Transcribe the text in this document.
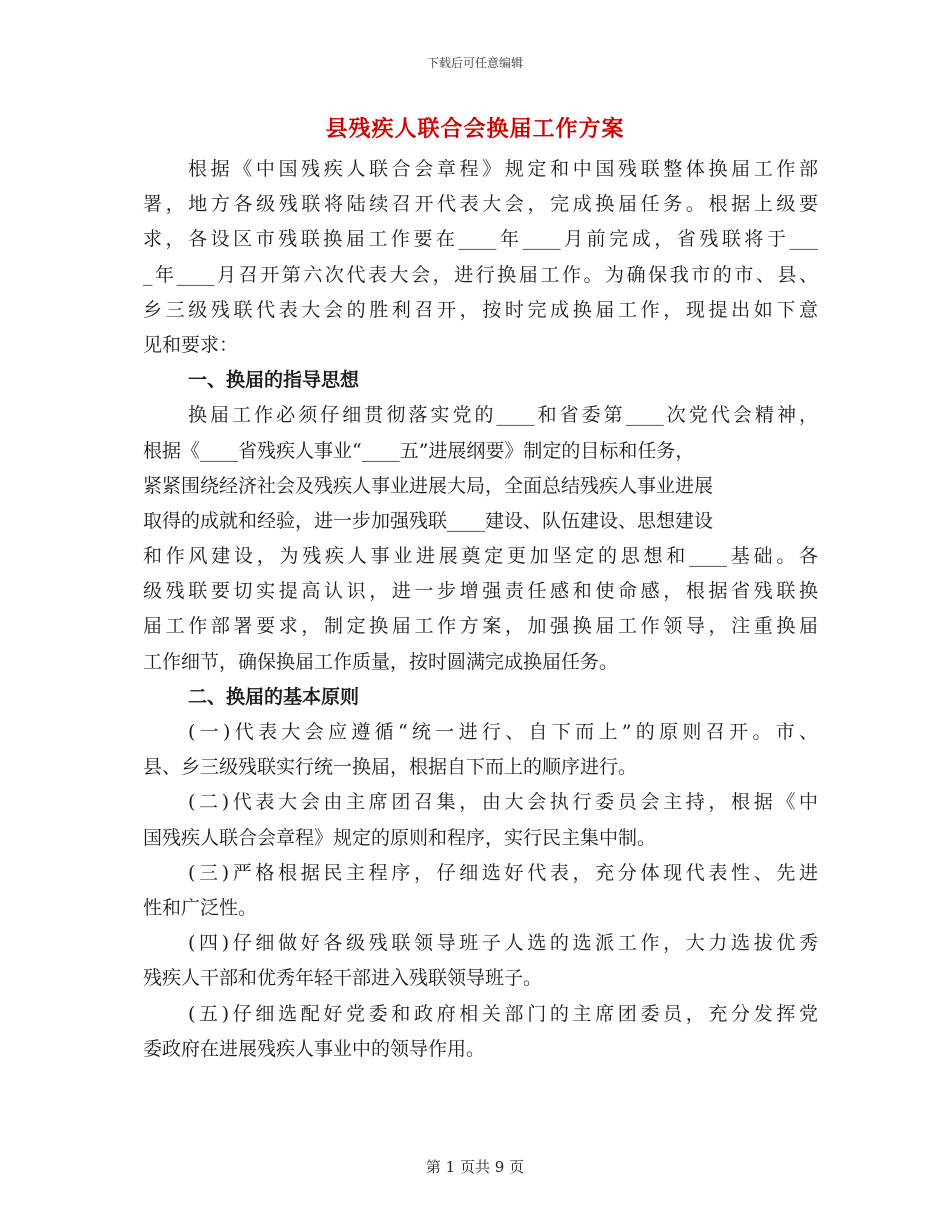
下载后可任意编辑
县残疾人联合会换届工作方案
根据《中国残疾人联合会章程》规定和中国残联整体换届工作部
署，地方各级残联将陆续召开代表大会，完成换届任务。根据上级要
求，各设区市残联换届工作要在____年____月前完成，省残联将于___
_年____月召开第六次代表大会，进行换届工作。为确保我市的市、县、
乡三级残联代表大会的胜利召开，按时完成换届工作，现提出如下意
见和要求：
一、换届的指导思想
换届工作必须仔细贯彻落实党的____和省委第____次党代会精神，
根据《____省残疾人事业“____五”进展纲要》制定的目标和任务，
紧紧围绕经济社会及残疾人事业进展大局，全面总结残疾人事业进展
取得的成就和经验，进一步加强残联____建设、队伍建设、思想建设
和作风建设，为残疾人事业进展奠定更加坚定的思想和____基础。各
级残联要切实提高认识，进一步增强责任感和使命感，根据省残联换
届工作部署要求，制定换届工作方案，加强换届工作领导，注重换届
工作细节，确保换届工作质量，按时圆满完成换届任务。
二、换届的基本原则
(一)代表大会应遵循“统一进行、自下而上”的原则召开。市、
县、乡三级残联实行统一换届，根据自下而上的顺序进行。
(二)代表大会由主席团召集，由大会执行委员会主持，根据《中
国残疾人联合会章程》规定的原则和程序，实行民主集中制。
(三)严格根据民主程序，仔细选好代表，充分体现代表性、先进
性和广泛性。
(四)仔细做好各级残联领导班子人选的选派工作，大力选拔优秀
残疾人干部和优秀年轻干部进入残联领导班子。
(五)仔细选配好党委和政府相关部门的主席团委员，充分发挥党
委政府在进展残疾人事业中的领导作用。
第 1 页共 9 页
